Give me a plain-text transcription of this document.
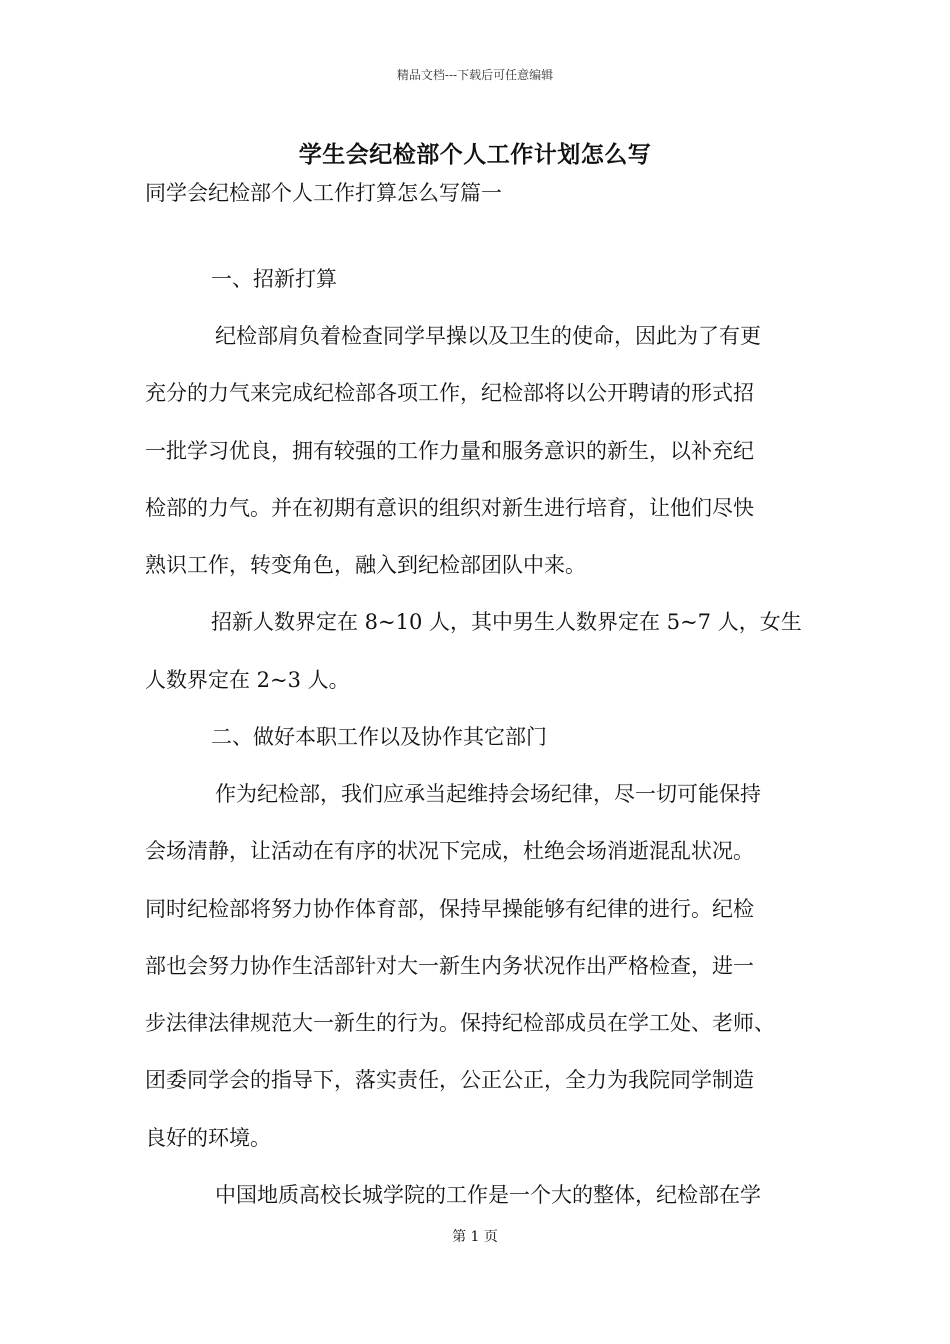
精品文档---下载后可任意编辑
学生会纪检部个人工作计划怎么写
同学会纪检部个人工作打算怎么写篇一
一、招新打算
纪检部肩负着检查同学早操以及卫生的使命，因此为了有更
充分的力气来完成纪检部各项工作，纪检部将以公开聘请的形式招
一批学习优良，拥有较强的工作力量和服务意识的新生，以补充纪
检部的力气。并在初期有意识的组织对新生进行培育，让他们尽快
熟识工作，转变角色，融入到纪检部团队中来。
招新人数界定在 8~10 人，其中男生人数界定在 5~7 人，女生
人数界定在 2~3 人。
二、做好本职工作以及协作其它部门
作为纪检部，我们应承当起维持会场纪律，尽一切可能保持
会场清静，让活动在有序的状况下完成，杜绝会场消逝混乱状况。
同时纪检部将努力协作体育部，保持早操能够有纪律的进行。纪检
部也会努力协作生活部针对大一新生内务状况作出严格检查，进一
步法律法律规范大一新生的行为。保持纪检部成员在学工处、老师、
团委同学会的指导下，落实责任，公正公正，全力为我院同学制造
良好的环境。
中国地质高校长城学院的工作是一个大的整体，纪检部在学
第 1 页
